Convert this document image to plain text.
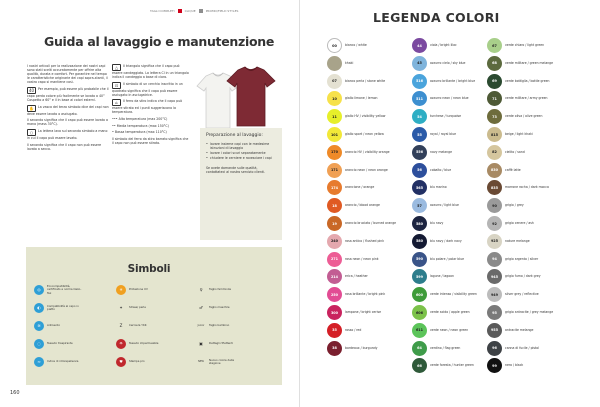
TAGLI COMPLETI	CLIQUE	PROMO/FIELD STYLES
Guida al lavaggio e manutenzione

I nostri articoli per la realizzazione dei nostri capi sono stati scelti accuratamente per offrire alta qualità, durata e comfort. Per garantire nel tempo le caratteristiche originarie dei capi sopra-stanti, il vostro capo si mantiene così.

40 Per esempio, può essere più probabile che il capo perda colore più facilmente se lavato a 40° Cospetto a 60° e il in base ai colori esterni.

✋ La vasca del terzo simbolo dice dei capi non deve essere lavato o asciugato.

Il secondo significa che il capo può essere lavato a mano (mass 30°C).

○ La lettera lava sul secondo simbolo a mano in cui il capo può essere lavato.

Il secondo significa che il capo non può essere lavato a secco.

△ Il triangolo significa che il capo può essere candeggiato. La lettera Cl in un triangolo indica il candeggio a base di cloro.

⊡ Il simbolo di un cerchio inscritto in un quadrato significa che il capo può essere asciugato in asciugatrice.

⌂ Il ferro da stiro indica che il capo può essere stirato ed i punti suggeriscono la temperatura.

••• Alta temperatura (max 200°C)

•• Media temperatura (max 150°C)

• Bassa temperatura (max 110°C)

Il simbolo del ferro da stiro barrato significa che il capo non può essere stirato.

Preparazione al lavaggio:
• lavare insieme capi con le medesime istruzioni di lavaggio
• lavare i colori scuri separatamente
• chiudere le cerniere e rovesciare i capi
Se avete domande sulle qualità, contattateci al nostro servizio clienti.
Simboli
◎
Ecocompatibilità, certificato a norma Oeko-Tex
☀	Protezione UV	♀	Taglio femminile
◐	Compatibilità al capo in piatto	✦	Strass/ perle	♂	Taglio maschile
≋	Antivento	Z	Cerniera YKK	Junior	Taglio bambino
◌	Tessuto traspirante	☂	Tessuto impermeabile	▣	Dettagli riflettenti
≈	Indice di idrorepellenza	♥	Stampa pro	NEW
Nuovo colore della stagione
160
LEGENDA COLORI
00	bianco / white
khaki
07	bianco perla / stone white
10	giallo limone / lemon
11	giallo HV / visibility yellow
101	giallo sport / neon yellow
170	arancio HV / visibility orange
171	arancio neon / neon orange
174	arancione / orange
18	arancio / blood orange
19	arancio bruciato / burned orange
240	rosa antico / flushed pink
271	rosa neon / neon pink
214	erica / heather
250	rosa brillante / bright pink
300	lampone / bright cerise
35	rosso / red
38	bordeaux / burgundy
44	viola / bright lilac
45	azzurro cielo / sky blue
516	azzurro brillante / bright blue
511	azzurro neon / neon blue
54	turchese / turquoise
55	royal / royal blue
556	navy melange
56	cobalto / blue
565	blu marino
57	azzurro / light blue
580	blu navy
580	blu navy / dark navy
590	blu polare / polar blue
599	lagune / lagoon
600	verde intenso / visibility green
606	verde acido / apple green
611	verde neon / neon green
64	verdino / flag green
66	verde foresta / hunter green
67	verde chiaro / light green
68	verde militare / green melange
69	verde bottiglia / bottle green
71	verde militare / army green
73	verde oliva / olive green
815	beige / light khaki
82	cielito / sand
830	caffè latte
835	marrone rocha / dark mocca
90	grigio / grey
92	grigio cenere / ash
925	nature melange
94	grigio argento / silver
945	grigio fumo / dark grey
949	silver grey / reflective
95	grigio antracite / grey melange
955	antracite melange
96	canna di fucile / pistol
99	nero / black
